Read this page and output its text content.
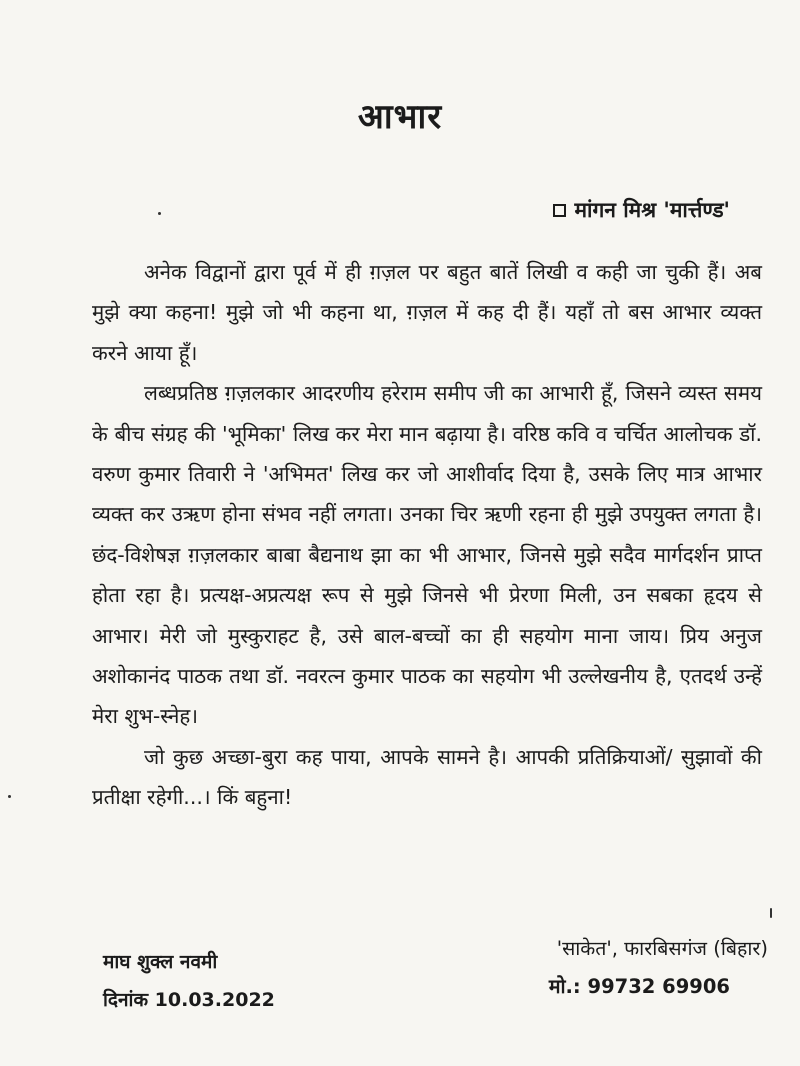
आभार
मांगन मिश्र 'मार्त्तण्ड'

अनेक विद्वानों द्वारा पूर्व में ही ग़ज़ल पर बहुत बातें लिखी व कही जा चुकी हैं। अब मुझे क्या कहना! मुझे जो भी कहना था, ग़ज़ल में कह दी हैं। यहाँ तो बस आभार व्यक्त करने आया हूँ।

लब्धप्रतिष्ठ ग़ज़लकार आदरणीय हरेराम समीप जी का आभारी हूँ, जिसने व्यस्त समय के बीच संग्रह की 'भूमिका' लिख कर मेरा मान बढ़ाया है। वरिष्ठ कवि व चर्चित आलोचक डॉ. वरुण कुमार तिवारी ने 'अभिमत' लिख कर जो आशीर्वाद दिया है, उसके लिए मात्र आभार व्यक्त कर उऋण होना संभव नहीं लगता। उनका चिर ऋणी रहना ही मुझे उपयुक्त लगता है। छंद-विशेषज्ञ ग़ज़लकार बाबा बैद्यनाथ झा का भी आभार, जिनसे मुझे सदैव मार्गदर्शन प्राप्त होता रहा है। प्रत्यक्ष-अप्रत्यक्ष रूप से मुझे जिनसे भी प्रेरणा मिली, उन सबका हृदय से आभार। मेरी जो मुस्कुराहट है, उसे बाल-बच्चों का ही सहयोग माना जाय। प्रिय अनुज अशोकानंद पाठक तथा डॉ. नवरत्न कुमार पाठक का सहयोग भी उल्लेखनीय है, एतदर्थ उन्हें मेरा शुभ-स्नेह।

जो कुछ अच्छा-बुरा कह पाया, आपके सामने है। आपकी प्रतिक्रियाओं/ सुझावों की प्रतीक्षा रहेगी...। किं बहुना!

माघ शुक्ल नवमी
दिनांक 10.03.2022
'साकेत', फारबिसगंज (बिहार)
मो.: 99732 69906
